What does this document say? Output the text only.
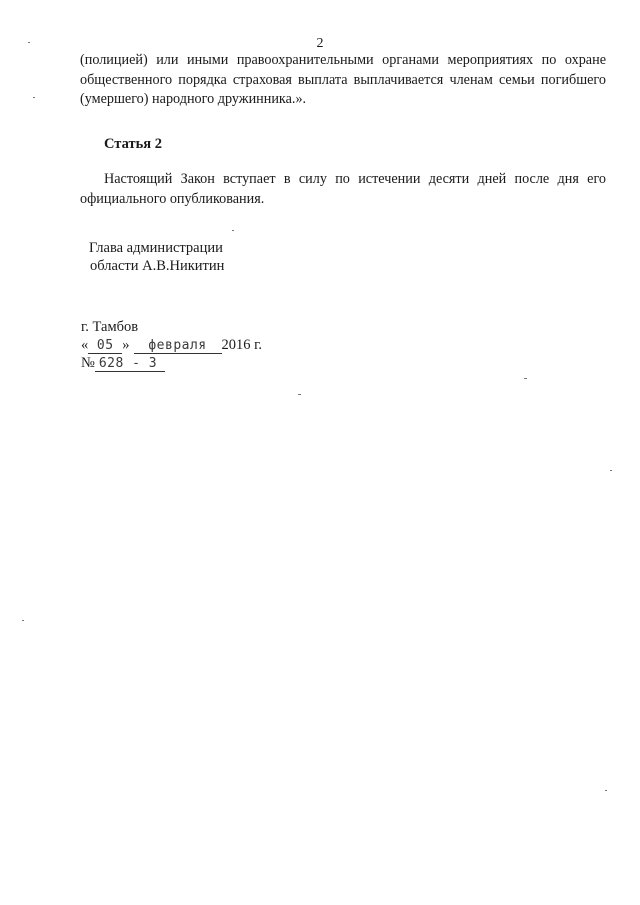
2

(полицией) или иными правоохранительными органами мероприятиях по охране общественного порядка страховая выплата выплачивается членам семьи погибшего (умершего) народного дружинника.».

Статья 2

Настоящий Закон вступает в силу по истечении десяти дней после дня его официального опубликования.

Глава администрации
области А.В.Никитин
г. Тамбов
« 05 » февраля 2016 г.
№ 628 - 3
